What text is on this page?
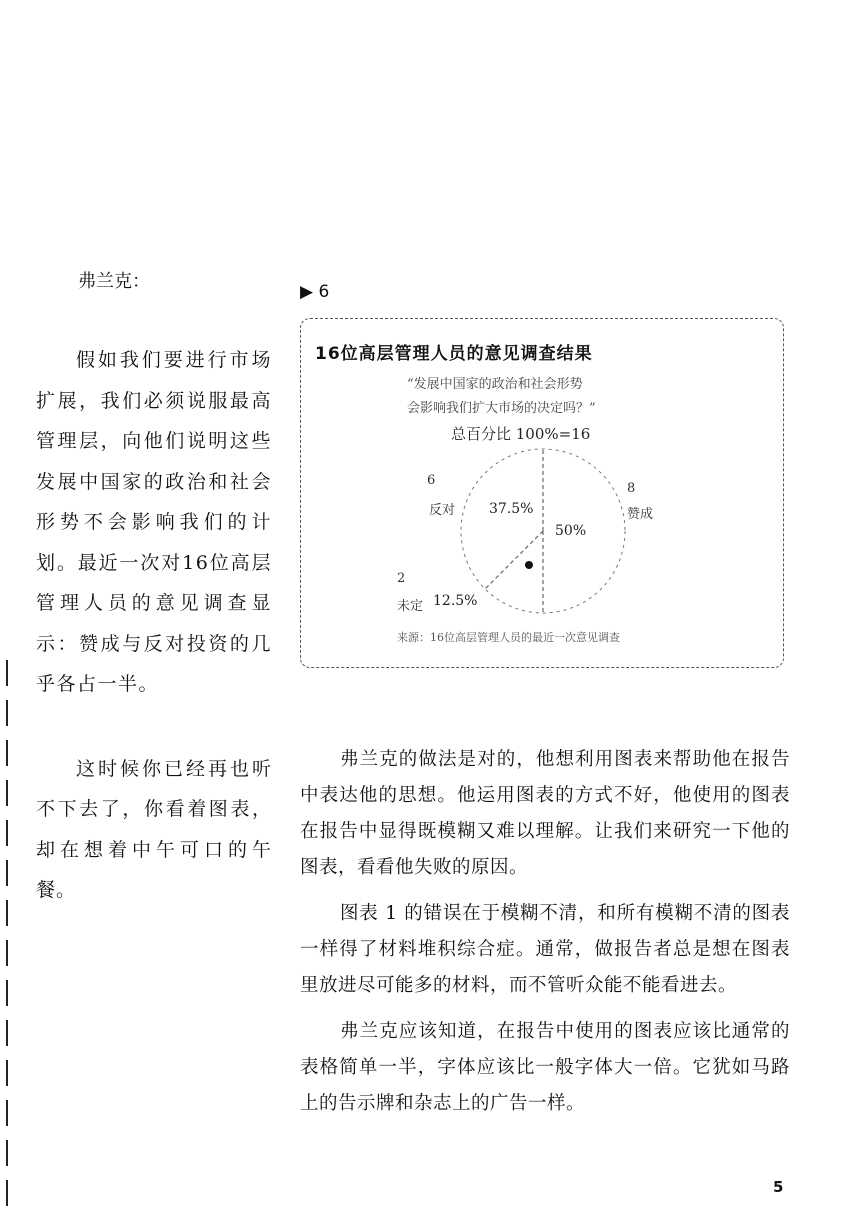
弗兰克：

假如我们要进行市场扩展，我们必须说服最高管理层，向他们说明这些发展中国家的政治和社会形势不会影响我们的计划。最近一次对16位高层管理人员的意见调查显示：赞成与反对投资的几乎各占一半。

这时候你已经再也听不下去了，你看着图表，却在想着中午可口的午餐。

▶ 6
16位高层管理人员的意见调查结果
“发展中国家的政治和社会形势
会影响我们扩大市场的决定吗？”
总百分比 100%=16
6
反对 37.5%
8
赞成
50%
2
未定 12.5%
来源：16位高层管理人员的最近一次意见调查

弗兰克的做法是对的，他想利用图表来帮助他在报告中表达他的思想。他运用图表的方式不好，他使用的图表在报告中显得既模糊又难以理解。让我们来研究一下他的图表，看看他失败的原因。

图表 1 的错误在于模糊不清，和所有模糊不清的图表一样得了材料堆积综合症。通常，做报告者总是想在图表里放进尽可能多的材料，而不管听众能不能看进去。

弗兰克应该知道，在报告中使用的图表应该比通常的表格简单一半，字体应该比一般字体大一倍。它犹如马路上的告示牌和杂志上的广告一样。

5
